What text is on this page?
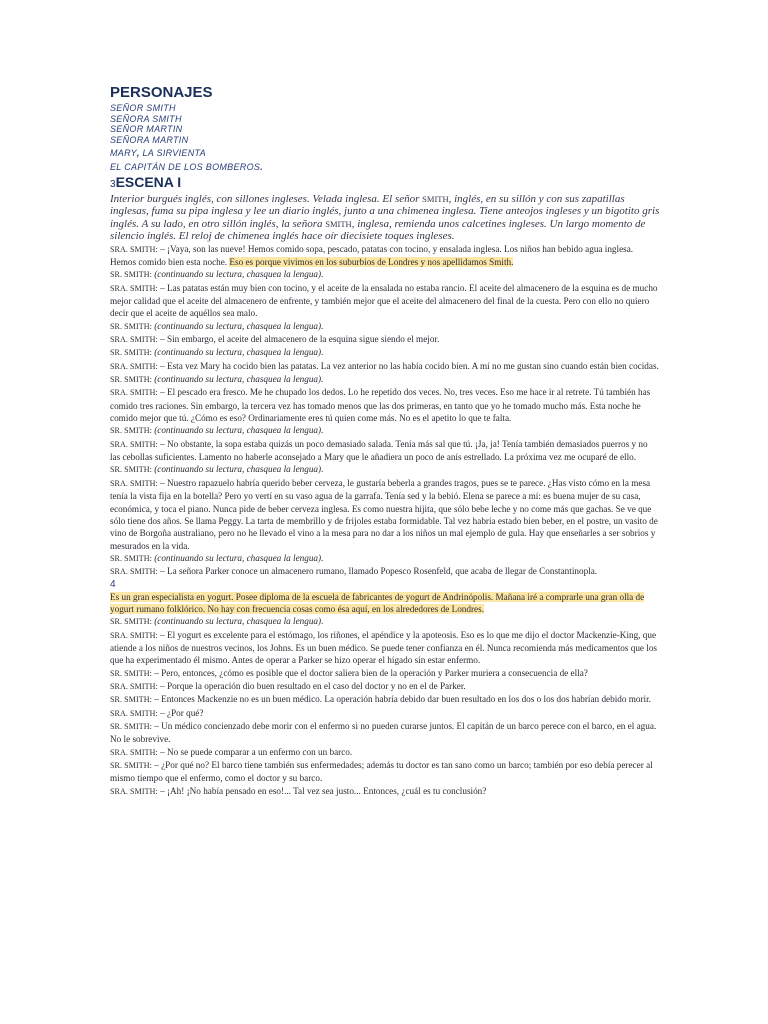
PERSONAJES
SEÑOR SMITH
SEÑORA SMITH
SEÑOR MARTIN
SEÑORA MARTIN
MARY, LA SIRVIENTA
EL CAPITÁN DE LOS BOMBEROS.
3ESCENA I
Interior burgués inglés, con sillones ingleses. Velada inglesa. El señor SMITH, inglés, en su sillón y con sus zapatillas inglesas, fuma su pipa inglesa y lee un diario inglés, junto a una chimenea inglesa. Tiene anteojos ingleses y un bigotito gris inglés. A su lado, en otro sillón inglés, la señora SMITH, inglesa, remienda unos calcetines ingleses. Un largo momento de silencio inglés. El reloj de chimenea inglés hace oír diecisiete toques ingleses.
SRA. SMITH: – ¡Vaya, son las nueve! Hemos comido sopa, pescado, patatas con tocino, y ensalada inglesa. Los niños han bebido agua inglesa. Hemos comido bien esta noche. Eso es porque vivimos en los suburbios de Londres y nos apellidamos Smith.
SR. SMITH: (continuando su lectura, chasquea la lengua).
SRA. SMITH: – Las patatas están muy bien con tocino, y el aceite de la ensalada no estaba rancio. El aceite del almacenero de la esquina es de mucho mejor calidad que el aceite del almacenero de enfrente, y también mejor que el aceite del almacenero del final de la cuesta. Pero con ello no quiero decir que el aceite de aquéllos sea malo.
SR. SMITH: (continuando su lectura, chasquea la lengua).
SRA. SMITH: – Sin embargo, el aceite del almacenero de la esquina sigue siendo el mejor.
SR. SMITH: (continuando su lectura, chasquea la lengua).
SRA. SMITH: – Esta vez Mary ha cocido bien las patatas. La vez anterior no las había cocido bien. A mí no me gustan sino cuando están bien cocidas.
SR. SMITH: (continuando su lectura, chasquea la lengua).
SRA. SMITH: – El pescado era fresco. Me he chupado los dedos. Lo he repetido dos veces. No, tres veces. Eso me hace ir al retrete. Tú también has comido tres raciones. Sin embargo, la tercera vez has tomado menos que las dos primeras, en tanto que yo he tomado mucho más. Esta noche he comido mejor que tú. ¿Cómo es eso? Ordinariamente eres tú quien come más. No es el apetito lo que te falta.
SR. SMITH: (continuando su lectura, chasquea la lengua).
SRA. SMITH: – No obstante, la sopa estaba quizás un poco demasiado salada. Tenía más sal que tú. ¡Ja, ja! Tenía también demasiados puerros y no las cebollas suficientes. Lamento no haberle aconsejado a Mary que le añadiera un poco de anís estrellado. La próxima vez me ocuparé de ello.
SR. SMITH: (continuando su lectura, chasquea la lengua).
SRA. SMITH: – Nuestro rapazuelo habría querido beber cerveza, le gustaría beberla a grandes tragos, pues se te parece. ¿Has visto cómo en la mesa tenía la vista fija en la botella? Pero yo vertí en su vaso agua de la garrafa. Tenía sed y la bebió. Elena se parece a mí: es buena mujer de su casa, económica, y toca el piano. Nunca pide de beber cerveza inglesa. Es como nuestra hijita, que sólo bebe leche y no come más que gachas. Se ve que sólo tiene dos años. Se llama Peggy. La tarta de membrillo y de frijoles estaba formidable. Tal vez habría estado bien beber, en el postre, un vasito de vino de Borgoña australiano, pero no he llevado el vino a la mesa para no dar a los niños un mal ejemplo de gula. Hay que enseñarles a ser sobrios y mesurados en la vida.
SR. SMITH: (continuando su lectura, chasquea la lengua).
SRA. SMITH: – La señora Parker conoce un almacenero rumano, llamado Popesco Rosenfeld, que acaba de llegar de Constantinopla.
4
Es un gran especialista en yogurt. Posee diploma de la escuela de fabricantes de yogurt de Andrinópolis. Mañana iré a comprarle una gran olla de yogurt rumano folklórico. No hay con frecuencia cosas como ésa aquí, en los alrededores de Londres.
SR. SMITH: (continuando su lectura, chasquea la lengua).
SRA. SMITH: – El yogurt es excelente para el estómago, los riñones, el apéndice y la apoteosis. Eso es lo que me dijo el doctor Mackenzie-King, que atiende a los niños de nuestros vecinos, los Johns. Es un buen médico. Se puede tener confianza en él. Nunca recomienda más medicamentos que los que ha experimentado él mismo. Antes de operar a Parker se hizo operar el hígado sin estar enfermo.
SR. SMITH: – Pero, entonces, ¿cómo es posible que el doctor saliera bien de la operación y Parker muriera a consecuencia de ella?
SRA. SMITH: – Porque la operación dio buen resultado en el caso del doctor y no en el de Parker.
SR. SMITH: – Entonces Mackenzie no es un buen médico. La operación habría debido dar buen resultado en los dos o los dos habrían debido morir.
SRA. SMITH: – ¿Por qué?
SR. SMITH: – Un médico concienzado debe morir con el enfermo si no pueden curarse juntos. El capitán de un barco perece con el barco, en el agua. No le sobrevive.
SRA. SMITH: – No se puede comparar a un enfermo con un barco.
SR. SMITH: – ¿Por qué no? El barco tiene también sus enfermedades; además tu doctor es tan sano como un barco; también por eso debía perecer al mismo tiempo que el enfermo, como el doctor y su barco.
SRA. SMITH: – ¡Ah! ¡No había pensado en eso!... Tal vez sea justo... Entonces, ¿cuál es tu conclusión?
